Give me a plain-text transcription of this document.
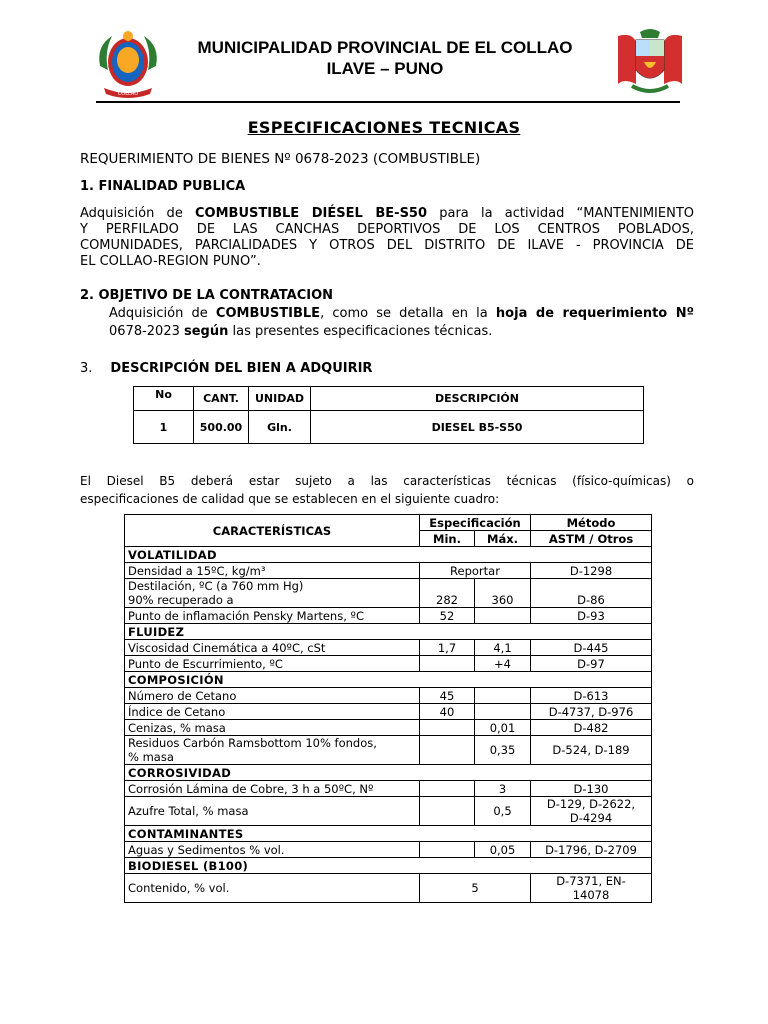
COLLAO
MUNICIPALIDAD PROVINCIAL DE EL COLLAO
ILAVE – PUNO
ESPECIFICACIONES TECNICAS
REQUERIMIENTO DE BIENES Nº 0678-2023 (COMBUSTIBLE)
1. FINALIDAD PUBLICA
Adquisición de COMBUSTIBLE DIÉSEL BE-S50 para la actividad “MANTENIMIENTO
Y PERFILADO DE LAS CANCHAS DEPORTIVOS DE LOS CENTROS POBLADOS,
COMUNIDADES, PARCIALIDADES Y OTROS DEL DISTRITO DE ILAVE - PROVINCIA DE
EL COLLAO-REGION PUNO”.
2. OBJETIVO DE LA CONTRATACION
Adquisición de COMBUSTIBLE, como se detalla en la hoja de requerimiento Nº
0678-2023 según las presentes especificaciones técnicas.
3. DESCRIPCIÓN DEL BIEN A ADQUIRIR
No	CANT.	UNIDAD	DESCRIPCIÓN
1	500.00	Gln.	DIESEL B5-S50
El Diesel B5 deberá estar sujeto a las características técnicas (físico-químicas) o
especificaciones de calidad que se establecen en el siguiente cuadro:
CARACTERÍSTICAS	Especificación		Método
	Min.	Máx.	ASTM / Otros
VOLATILIDAD			
Densidad a 15ºC, kg/m³	Reportar		D-1298

Destilación, ºC (a 760 mm Hg)
90% recuperado a	282	360	D-86
Punto de inflamación Pensky Martens, ºC	52		D-93
FLUIDEZ			
Viscosidad Cinemática a 40ºC, cSt	1,7	4,1	D-445
Punto de Escurrimiento, ºC		+4	D-97
COMPOSICIÓN			
Número de Cetano	45		D-613
Índice de Cetano	40		D-4737, D-976
Cenizas, % masa		0,01	D-482

Residuos Carbón Ramsbottom 10% fondos,
% masa		0,35	D-524, D-189
CORROSIVIDAD			
Corrosión Lámina de Cobre, 3 h a 50ºC, Nº		3	D-130
Azufre Total, % masa		0,5	D-129, D-2622,
D-4294

CONTAMINANTES			
Aguas y Sedimentos % vol.		0,05	D-1796, D-2709
BIODIESEL (B100)			
Contenido, % vol.	5		D-7371, EN-
14078
